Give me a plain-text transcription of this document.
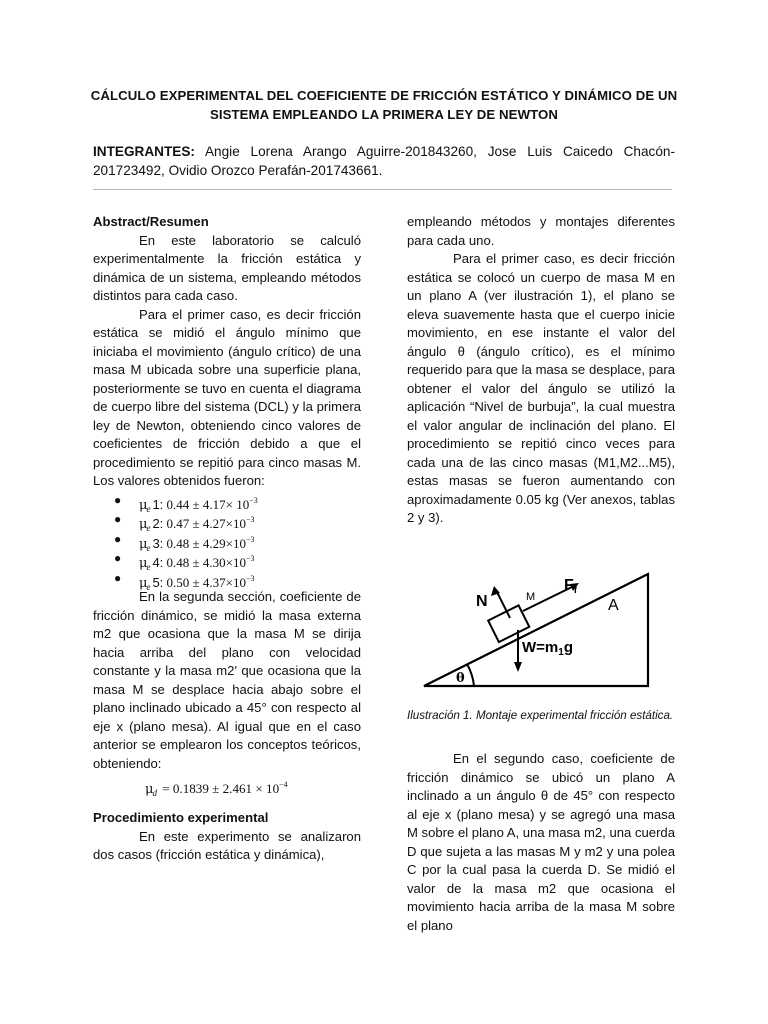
CÁLCULO EXPERIMENTAL DEL COEFICIENTE DE FRICCIÓN ESTÁTICO Y DINÁMICO DE UN SISTEMA EMPLEANDO LA PRIMERA LEY DE NEWTON
INTEGRANTES: Angie Lorena Arango Aguirre-201843260, Jose Luis Caicedo Chacón-201723492, Ovidio Orozco Perafán-201743661.

Abstract/Resumen

En este laboratorio se calculó experimentalmente la fricción estática y dinámica de un sistema, empleando métodos distintos para cada caso.

Para el primer caso, es decir fricción estática se midió el ángulo mínimo que iniciaba el movimiento (ángulo crítico) de una masa M ubicada sobre una superficie plana, posteriormente se tuvo en cuenta el diagrama de cuerpo libre del sistema (DCL) y la primera ley de Newton, obteniendo cinco valores de coeficientes de fricción debido a que el procedimiento se repitió para cinco masas M. Los valores obtenidos fueron:

● $\mu_e$ 1: $0.44 \pm 4.17\times 10^{-3}$
● $\mu_e$ 2: $0.47 \pm 4.27\times 10^{-3}$
● $\mu_e$ 3: $0.48 \pm 4.29\times 10^{-3}$
● $\mu_e$ 4: $0.48 \pm 4.30\times 10^{-3}$
● $\mu_e$ 5: $0.50 \pm 4.37\times 10^{-3}$

En la segunda sección, coeficiente de fricción dinámico, se midió la masa externa m2 que ocasiona que la masa M se dirija hacia arriba del plano con velocidad constante y la masa m2' que ocasiona que la masa M se desplace hacia abajo sobre el plano inclinado ubicado a 45° con respecto al eje x (plano mesa). Al igual que en el caso anterior se emplearon los conceptos teóricos, obteniendo:

$\mu_d = 0.1839 \pm 2.461 \times 10^{-4}$

Procedimiento experimental

En este experimento se analizaron dos casos (fricción estática y dinámica),

empleando métodos y montajes diferentes para cada uno.

Para el primer caso, es decir fricción estática se colocó un cuerpo de masa M en un plano A (ver ilustración 1), el plano se eleva suavemente hasta que el cuerpo inicie movimiento, en ese instante el valor del ángulo θ (ángulo crítico), es el mínimo requerido para que la masa se desplace, para obtener el valor del ángulo se utilizó la aplicación “Nivel de burbuja”, la cual muestra el valor angular de inclinación del plano. El procedimiento se repitió cinco veces para cada una de las cinco masas (M1,M2...M5), estas masas se fueron aumentando con aproximadamente 0.05 kg (Ver anexos, tablas 2 y 3).

N	M
Ff
A
$W=m_1g$
θ
Ilustración 1. Montaje experimental fricción estática.

En el segundo caso, coeficiente de fricción dinámico se ubicó un plano A inclinado a un ángulo θ de 45° con respecto al eje x (plano mesa) y se agregó una masa M sobre el plano A, una masa m2, una cuerda D que sujeta a las masas M y m2 y una polea C por la cual pasa la cuerda D. Se midió el valor de la masa m2 que ocasiona el movimiento hacia arriba de la masa M sobre el plano
